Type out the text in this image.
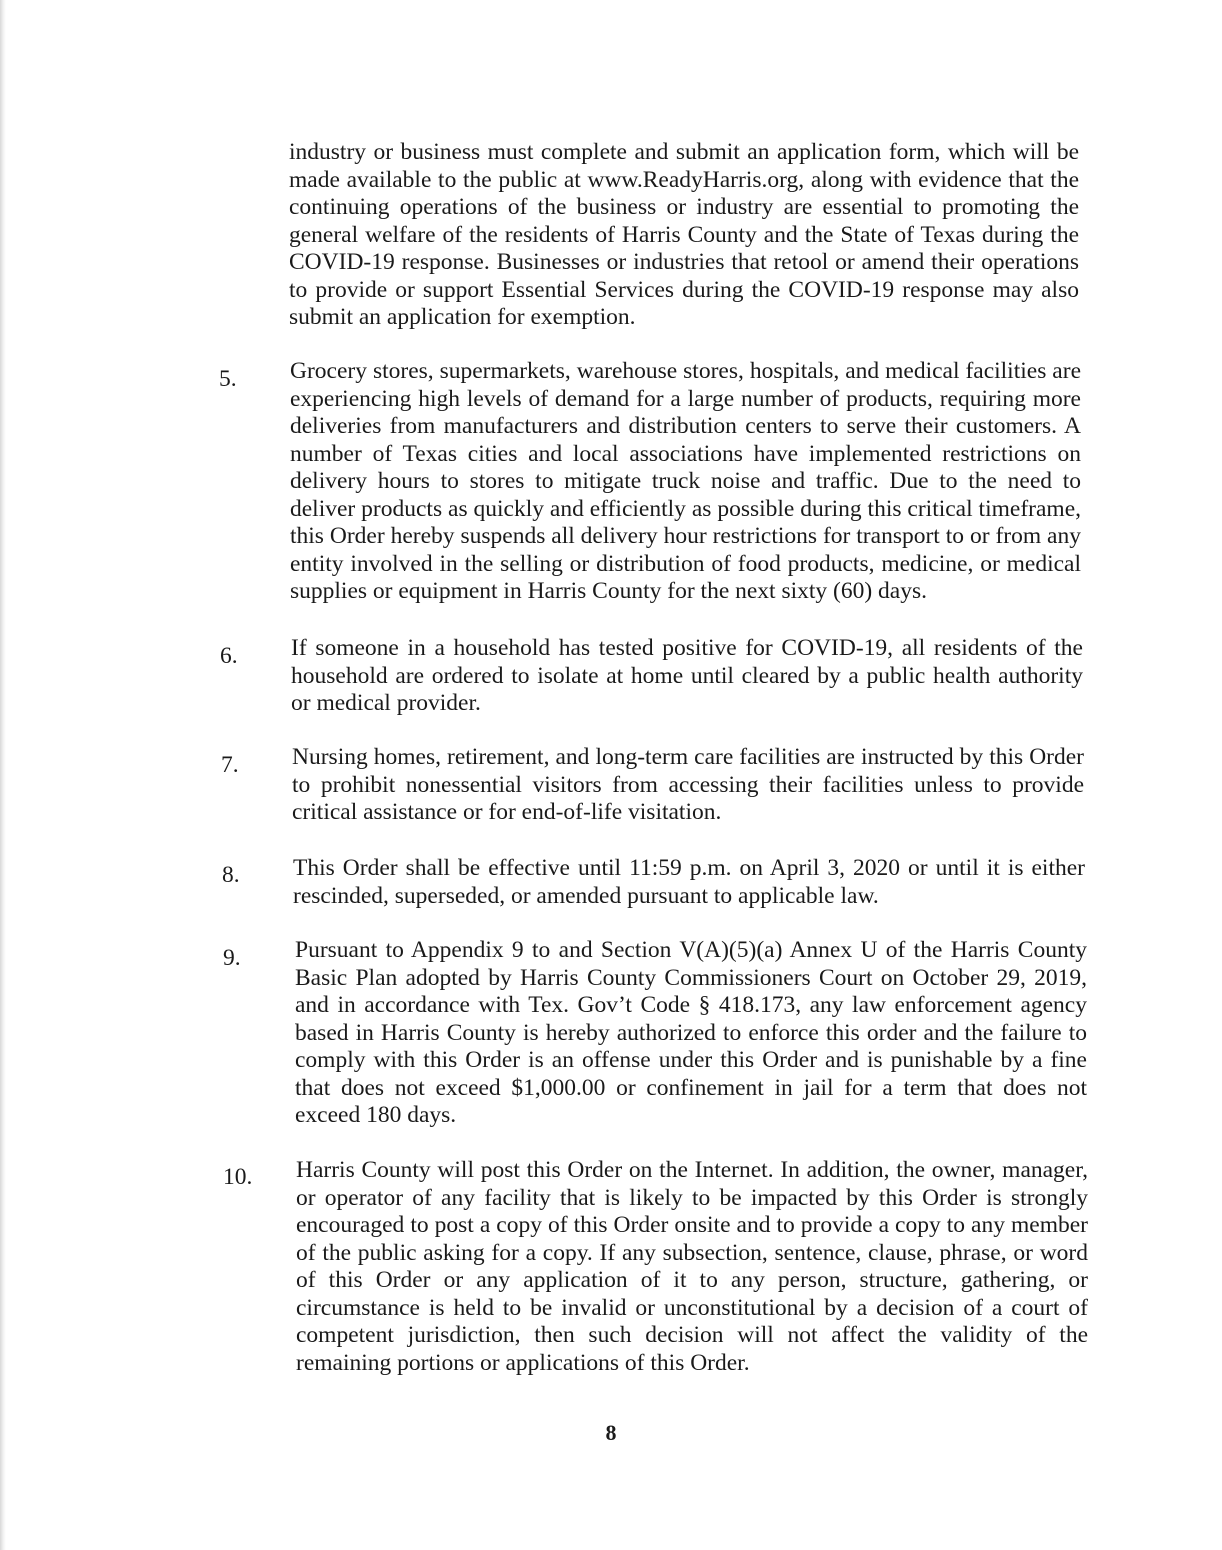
industry or business must complete and submit an application form, which will be made available to the public at www.ReadyHarris.org, along with evidence that the continuing operations of the business or industry are essential to promoting the general welfare of the residents of Harris County and the State of Texas during the COVID-19 response. Businesses or industries that retool or amend their operations to provide or support Essential Services during the COVID-19 response may also submit an application for exemption.

5. Grocery stores, supermarkets, warehouse stores, hospitals, and medical facilities are experiencing high levels of demand for a large number of products, requiring more deliveries from manufacturers and distribution centers to serve their customers. A number of Texas cities and local associations have implemented restrictions on delivery hours to stores to mitigate truck noise and traffic. Due to the need to deliver products as quickly and efficiently as possible during this critical timeframe, this Order hereby suspends all delivery hour restrictions for transport to or from any entity involved in the selling or distribution of food products, medicine, or medical supplies or equipment in Harris County for the next sixty (60) days.

6. If someone in a household has tested positive for COVID-19, all residents of the household are ordered to isolate at home until cleared by a public health authority or medical provider.

7. Nursing homes, retirement, and long-term care facilities are instructed by this Order to prohibit nonessential visitors from accessing their facilities unless to provide critical assistance or for end-of-life visitation.

8. This Order shall be effective until 11:59 p.m. on April 3, 2020 or until it is either rescinded, superseded, or amended pursuant to applicable law.

9. Pursuant to Appendix 9 to and Section V(A)(5)(a) Annex U of the Harris County Basic Plan adopted by Harris County Commissioners Court on October 29, 2019, and in accordance with Tex. Gov’t Code § 418.173, any law enforcement agency based in Harris County is hereby authorized to enforce this order and the failure to comply with this Order is an offense under this Order and is punishable by a fine that does not exceed $1,000.00 or confinement in jail for a term that does not exceed 180 days.

10. Harris County will post this Order on the Internet. In addition, the owner, manager, or operator of any facility that is likely to be impacted by this Order is strongly encouraged to post a copy of this Order onsite and to provide a copy to any member of the public asking for a copy. If any subsection, sentence, clause, phrase, or word of this Order or any application of it to any person, structure, gathering, or circumstance is held to be invalid or unconstitutional by a decision of a court of competent jurisdiction, then such decision will not affect the validity of the remaining portions or applications of this Order.

8
